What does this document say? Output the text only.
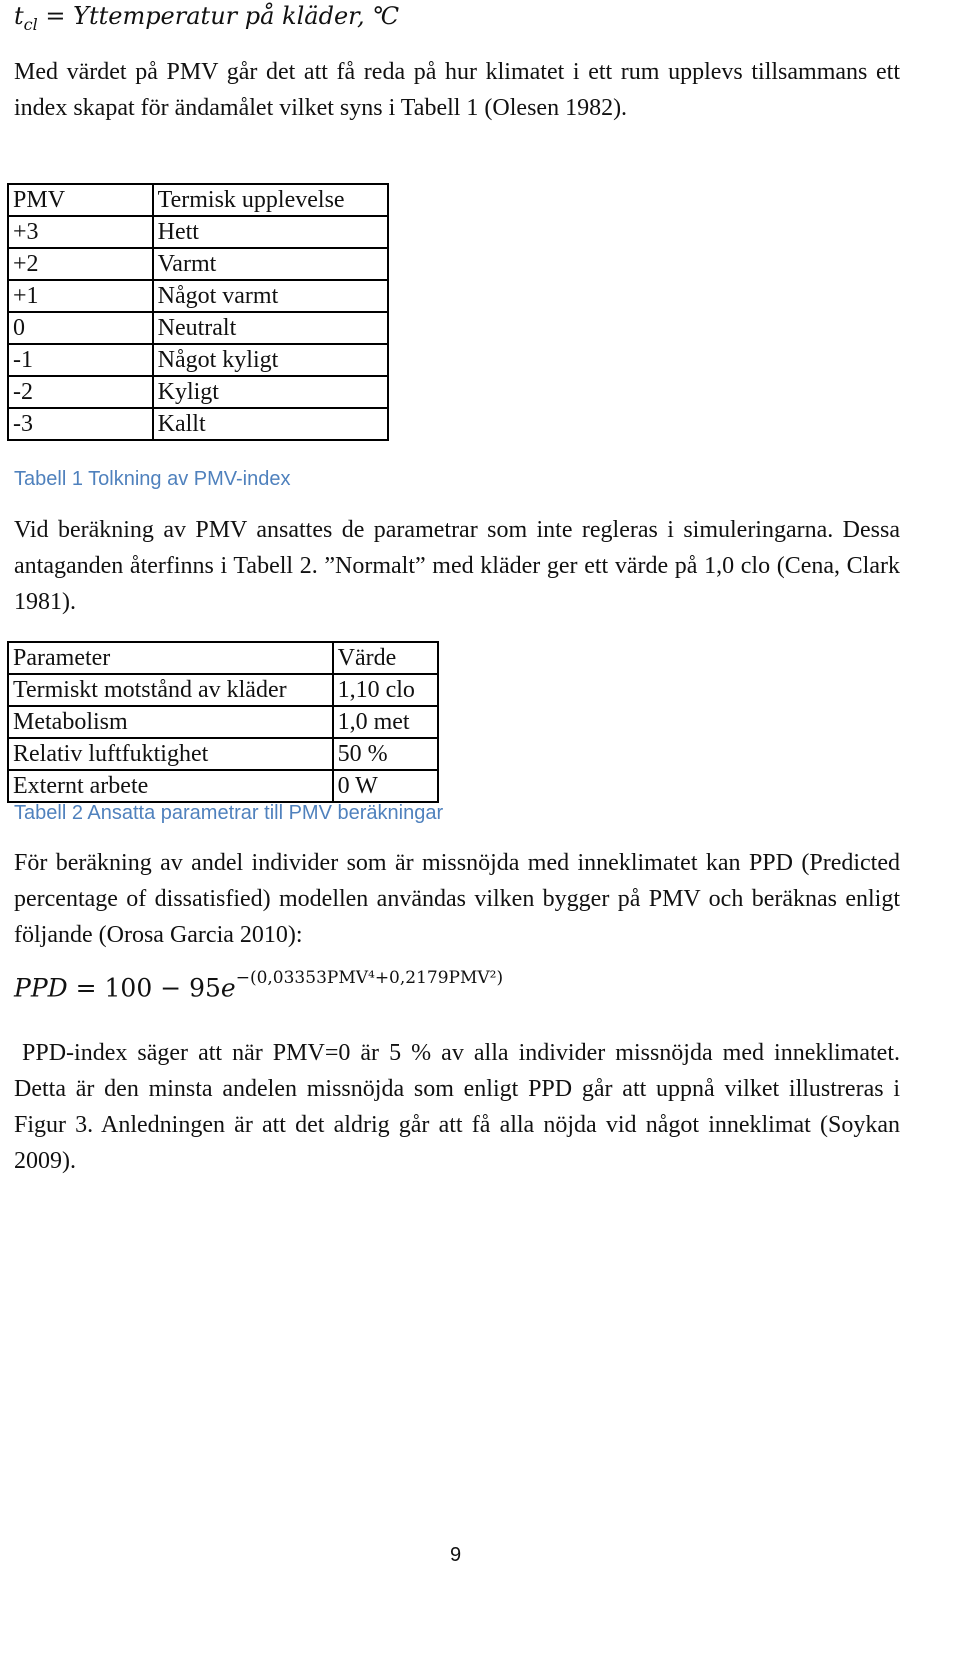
$t_{cl}$ = Yttemperatur på kläder, ℃
Med värdet på PMV går det att få reda på hur klimatet i ett rum upplevs tillsammans ett index skapat för ändamålet vilket syns i Tabell 1 (Olesen 1982).
PMV	Termisk upplevelse
+3	Hett
+2	Varmt
+1	Något varmt
0	Neutralt
-1	Något kyligt
-2	Kyligt
-3	Kallt
Tabell 1 Tolkning av PMV-index
Vid beräkning av PMV ansattes de parametrar som inte regleras i simuleringarna. Dessa antaganden återfinns i Tabell 2. ”Normalt” med kläder ger ett värde på 1,0 clo (Cena, Clark 1981).
Parameter	Värde
Termiskt motstånd av kläder	1,10 clo
Metabolism	1,0 met
Relativ luftfuktighet	50 %
Externt arbete	0 W
Tabell 2 Ansatta parametrar till PMV beräkningar
För beräkning av andel individer som är missnöjda med inneklimatet kan PPD (Predicted percentage of dissatisfied) modellen användas vilken bygger på PMV och beräknas enligt följande (Orosa Garcia 2010):
PPD = $100 - 95e^{-(0,03353PMV^4+0,2179PMV^2)}$
PPD-index säger att när PMV=0 är 5 % av alla individer missnöjda med inneklimatet. Detta är den minsta andelen missnöjda som enligt PPD går att uppnå vilket illustreras i Figur 3. Anledningen är att det aldrig går att få alla nöjda vid något inneklimat (Soykan 2009).
9
